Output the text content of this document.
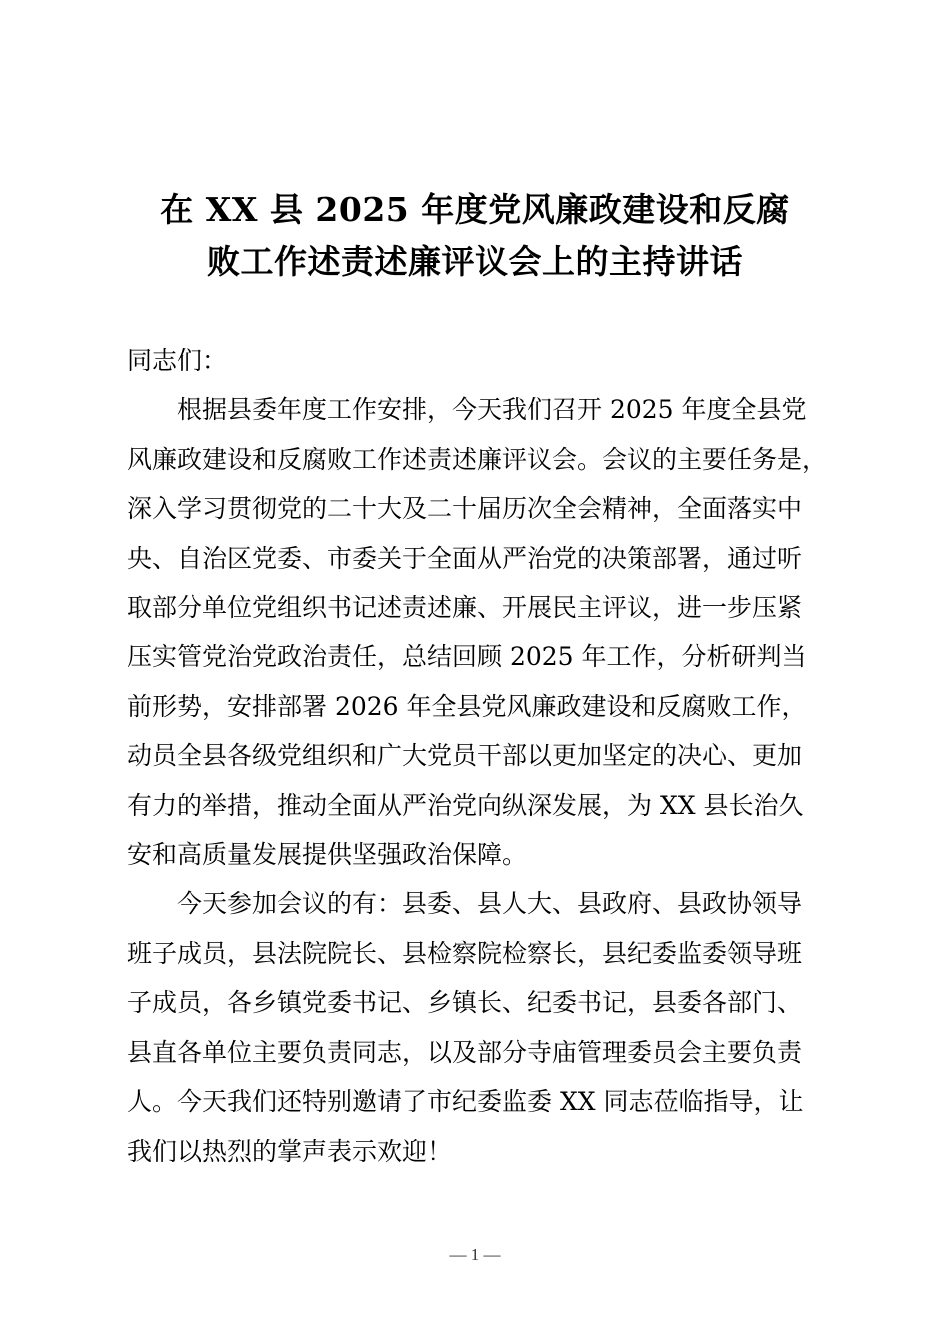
在 XX 县 2025 年度党风廉政建设和反腐
败工作述责述廉评议会上的主持讲话

同志们：

根据县委年度工作安排，今天我们召开 2025 年度全县党
风廉政建设和反腐败工作述责述廉评议会。会议的主要任务是，
深入学习贯彻党的二十大及二十届历次全会精神，全面落实中
央、自治区党委、市委关于全面从严治党的决策部署，通过听
取部分单位党组织书记述责述廉、开展民主评议，进一步压紧
压实管党治党政治责任，总结回顾 2025 年工作，分析研判当
前形势，安排部署 2026 年全县党风廉政建设和反腐败工作，
动员全县各级党组织和广大党员干部以更加坚定的决心、更加
有力的举措，推动全面从严治党向纵深发展，为 XX 县长治久
安和高质量发展提供坚强政治保障。

今天参加会议的有：县委、县人大、县政府、县政协领导
班子成员，县法院院长、县检察院检察长，县纪委监委领导班
子成员，各乡镇党委书记、乡镇长、纪委书记，县委各部门、
县直各单位主要负责同志，以及部分寺庙管理委员会主要负责
人。今天我们还特别邀请了市纪委监委 XX 同志莅临指导，让
我们以热烈的掌声表示欢迎！

— 1 —
